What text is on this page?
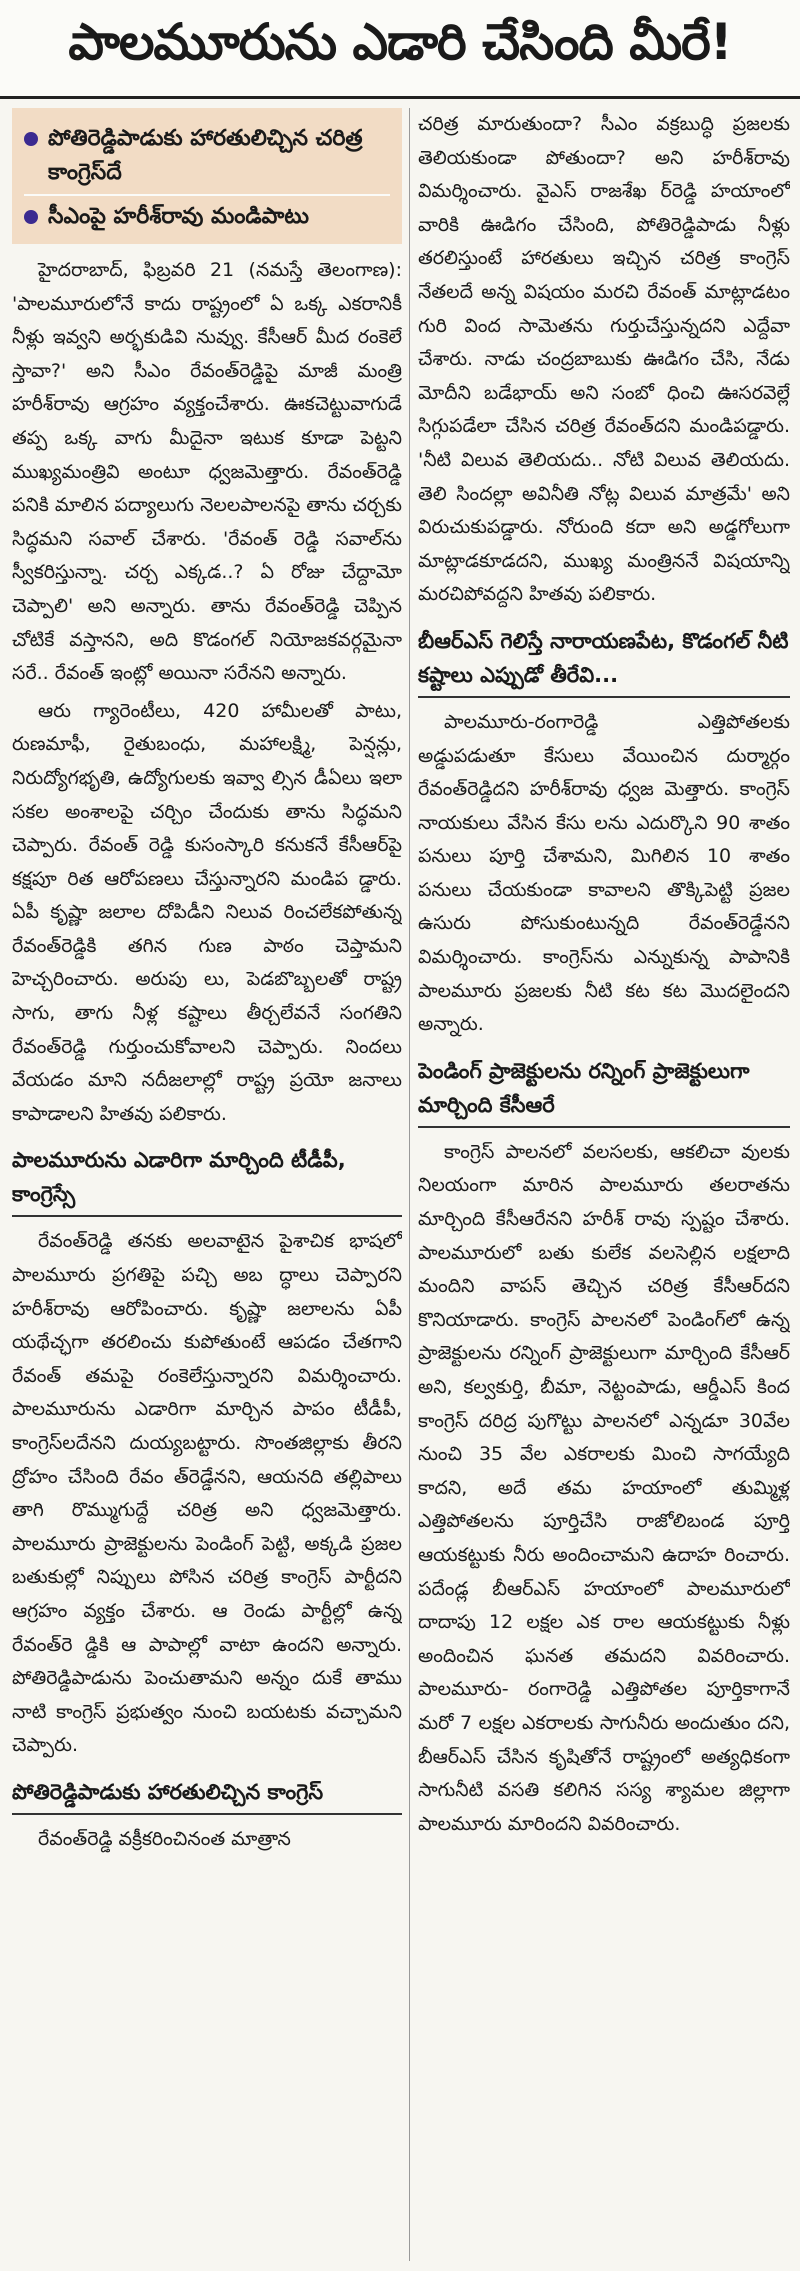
పాలమూరును ఎడారి చేసింది మీరే!
పోతిరెడ్డిపాడుకు హారతులిచ్చిన చరిత్ర కాంగ్రెస్‌దే
సీఎంపై హరీశ్‌రావు మండిపాటు

హైదరాబాద్, ఫిబ్రవరి 21 (నమస్తే తెలంగాణ): 'పాలమూరులోనే కాదు రాష్ట్రంలో ఏ ఒక్క ఎకరానికీ నీళ్లు ఇవ్వని అర్భకుడివి నువ్వు. కేసీఆర్ మీద రంకెలే స్తావా?' అని సీఎం రేవంత్‌రెడ్డిపై మాజీ మంత్రి హరీశ్‌రావు ఆగ్రహం వ్యక్తంచేశారు. ఊకచెట్టువాగుడే తప్ప ఒక్క వాగు మీదైనా ఇటుక కూడా పెట్టని ముఖ్యమంత్రివి అంటూ ధ్వజమెత్తారు. రేవంత్‌రెడ్డి పనికి మాలిన పద్యాలుగు నెలలపాలనపై తాను చర్చకు సిద్ధమని సవాల్ చేశారు. 'రేవంత్ రెడ్డి సవాల్‌ను స్వీకరిస్తున్నా. చర్చ ఎక్కడ..? ఏ రోజు చేద్దామో చెప్పాలి' అని అన్నారు. తాను రేవంత్‌రెడ్డి చెప్పిన చోటికే వస్తానని, అది కొడంగల్ నియోజకవర్గమైనా సరే.. రేవంత్ ఇంట్లో అయినా సరేనని అన్నారు.

ఆరు గ్యారెంటీలు, 420 హామీలతో పాటు, రుణమాఫీ, రైతుబంధు, మహాలక్ష్మి, పెన్షన్లు, నిరుద్యోగభృతి, ఉద్యోగులకు ఇవ్వా ల్సిన డీఏలు ఇలా సకల అంశాలపై చర్చిం చేందుకు తాను సిద్ధమని చెప్పారు. రేవంత్ రెడ్డి కుసంస్కారి కనుకనే కేసీఆర్‌పై కక్షపూ రిత ఆరోపణలు చేస్తున్నారని మండిప డ్డారు. ఏపీ కృష్ణా జలాల దోపిడీని నిలువ రించలేకపోతున్న రేవంత్‌రెడ్డికి తగిన గుణ పాఠం చెప్తామని హెచ్చరించారు. అరుపు లు, పెడబొబ్బలతో రాష్ట్ర సాగు, తాగు నీళ్ల కష్టాలు తీర్చలేవనే సంగతిని రేవంత్‌రెడ్డి గుర్తుంచుకోవాలని చెప్పారు. నిందలు వేయడం మాని నదీజలాల్లో రాష్ట్ర ప్రయో జనాలు కాపాడాలని హితవు పలికారు.

పాలమూరును ఎడారిగా మార్చింది టీడీపీ, కాంగ్రెస్సే

రేవంత్‌రెడ్డి తనకు అలవాటైన పైశాచిక భాషలో పాలమూరు ప్రగతిపై పచ్చి అబ ద్ధాలు చెప్పారని హరీశ్‌రావు ఆరోపించారు. కృష్ణా జలాలను ఏపీ యథేచ్ఛగా తరలించు కుపోతుంటే ఆపడం చేతగాని రేవంత్ తమపై రంకెలేస్తున్నారని విమర్శించారు. పాలమూరును ఎడారిగా మార్చిన పాపం టీడీపీ, కాంగ్రెస్‌లదేనని దుయ్యబట్టారు. సొంతజిల్లాకు తీరని ద్రోహం చేసింది రేవం త్‌రెడ్డేనని, ఆయనది తల్లిపాలు తాగి రొమ్ముగుద్దే చరిత్ర అని ధ్వజమెత్తారు. పాలమూరు ప్రాజెక్టులను పెండింగ్ పెట్టి, అక్కడి ప్రజల బతుకుల్లో నిప్పులు పోసిన చరిత్ర కాంగ్రెస్ పార్టీదని ఆగ్రహం వ్యక్తం చేశారు. ఆ రెండు పార్టీల్లో ఉన్న రేవంత్‌రె డ్డికి ఆ పాపాల్లో వాటా ఉందని అన్నారు. పోతిరెడ్డిపాడును పెంచుతామని అన్నం దుకే తాము నాటి కాంగ్రెస్ ప్రభుత్వం నుంచి బయటకు వచ్చామని చెప్పారు.

పోతిరెడ్డిపాడుకు హారతులిచ్చిన కాంగ్రెస్

రేవంత్‌రెడ్డి వక్రీకరించినంత మాత్రాన

చరిత్ర మారుతుందా? సీఎం వక్రబుద్ధి ప్రజలకు తెలియకుండా పోతుందా? అని హరీశ్‌రావు విమర్శించారు. వైఎస్ రాజశేఖ ర్‌రెడ్డి హయాంలో వారికి ఊడిగం చేసింది, పోతిరెడ్డిపాడు నీళ్లు తరలిస్తుంటే హారతులు ఇచ్చిన చరిత్ర కాంగ్రెస్ నేతలదే అన్న విషయం మరచి రేవంత్ మాట్లాడటం గురి వింద సామెతను గుర్తుచేస్తున్నదని ఎద్దేవా చేశారు. నాడు చంద్రబాబుకు ఊడిగం చేసి, నేడు మోదీని బడేభాయ్ అని సంబో ధించి ఊసరవెల్లే సిగ్గుపడేలా చేసిన చరిత్ర రేవంత్‌దని మండిపడ్డారు. 'నీటి విలువ తెలియదు.. నోటి విలువ తెలియదు. తెలి సిందల్లా అవినీతి నోట్ల విలువ మాత్రమే' అని విరుచుకుపడ్డారు. నోరుంది కదా అని అడ్డగోలుగా మాట్లాడకూడదని, ముఖ్య మంత్రిననే విషయాన్ని మరచిపోవద్దని హితవు పలికారు.

బీఆర్ఎస్ గెలిస్తే నారాయణపేట, కొడంగల్ నీటి కష్టాలు ఎప్పుడో తీరేవి...

పాలమూరు-రంగారెడ్డి ఎత్తిపోతలకు అడ్డుపడుతూ కేసులు వేయించిన దుర్మార్గం రేవంత్‌రెడ్డిదని హరీశ్‌రావు ధ్వజ మెత్తారు. కాంగ్రెస్ నాయకులు వేసిన కేసు లను ఎదుర్కొని 90 శాతం పనులు పూర్తి చేశామని, మిగిలిన 10 శాతం పనులు చేయకుండా కావాలని తొక్కిపెట్టి ప్రజల ఉసురు పోసుకుంటున్నది రేవంత్‌రెడ్డేనని విమర్శించారు. కాంగ్రెస్‌ను ఎన్నుకున్న పాపానికి పాలమూరు ప్రజలకు నీటి కట కట మొదలైందని అన్నారు.

పెండింగ్ ప్రాజెక్టులను రన్నింగ్ ప్రాజెక్టులుగా మార్చింది కేసీఆరే

కాంగ్రెస్ పాలనలో వలసలకు, ఆకలిచా వులకు నిలయంగా మారిన పాలమూరు తలరాతను మార్చింది కేసీఆరేనని హరీశ్ రావు స్పష్టం చేశారు. పాలమూరులో బతు కులేక వలసెల్లిన లక్షలాది మందిని వాపస్ తెచ్చిన చరిత్ర కేసీఆర్‌దని కొనియాడారు. కాంగ్రెస్ పాలనలో పెండింగ్‌లో ఉన్న ప్రాజెక్టులను రన్నింగ్ ప్రాజెక్టులుగా మార్చింది కేసీఆర్ అని, కల్వకుర్తి, బీమా, నెట్టంపాడు, ఆర్డీఎస్ కింద కాంగ్రెస్ దరిద్ర పుగొట్టు పాలనలో ఎన్నడూ 30వేల నుంచి 35 వేల ఎకరాలకు మించి సాగయ్యేది కాదని, అదే తమ హయాంలో తుమ్మిళ్ల ఎత్తిపోతలను పూర్తిచేసి రాజోలిబండ పూర్తి ఆయకట్టుకు నీరు అందించామని ఉదాహ రించారు. పదేండ్ల బీఆర్ఎస్ హయాంలో పాలమూరులో దాదాపు 12 లక్షల ఎక రాల ఆయకట్టుకు నీళ్లు అందించిన ఘనత తమదని వివరించారు. పాలమూరు- రంగారెడ్డి ఎత్తిపోతల పూర్తికాగానే మరో 7 లక్షల ఎకరాలకు సాగునీరు అందుతుం దని, బీఆర్ఎస్ చేసిన కృషితోనే రాష్ట్రంలో అత్యధికంగా సాగునీటి వసతి కలిగిన సస్య శ్యామల జిల్లాగా పాలమూరు మారిందని వివరించారు.
